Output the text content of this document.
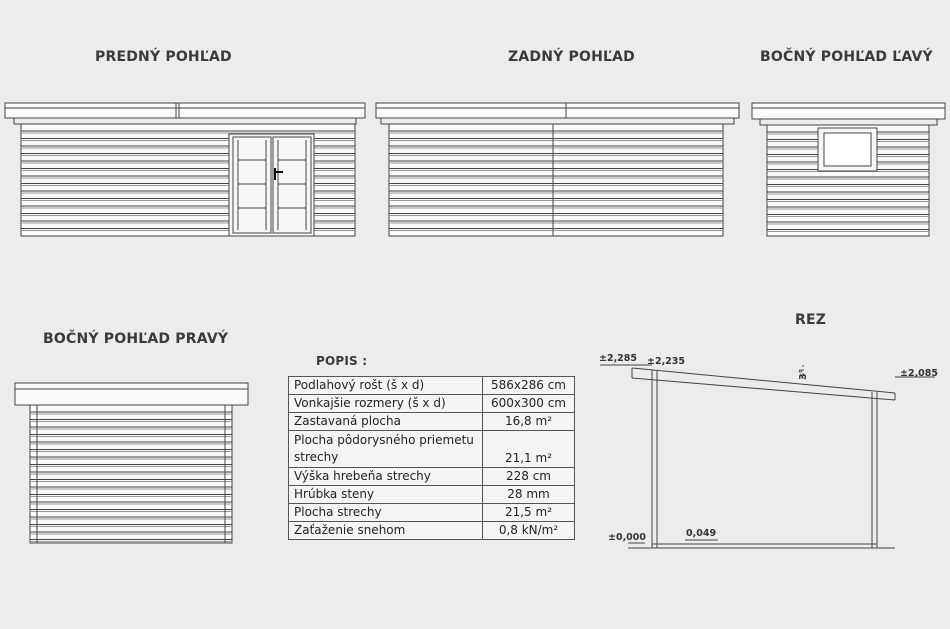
PREDNÝ POHĽAD	ZADNÝ POHĽAD	BOČNÝ POHĽAD ĽAVÝ
BOČNÝ POHĽAD PRAVÝ
REZ
POPIS :	±2,285 ±2,235
±2,085
±0,000	0,049
3°
Podlahový rošt (š x d)	586x286 cm
Vonkajšie rozmery (š x d)	600x300 cm
Zastavaná plocha	16,8 m²
Plocha pôdorysného priemetu strechy	21,1 m²
Výška hrebeňa strechy	228 cm
Hrúbka steny	28 mm
Plocha strechy	21,5 m²
Zaťaženie snehom	0,8 kN/m²
